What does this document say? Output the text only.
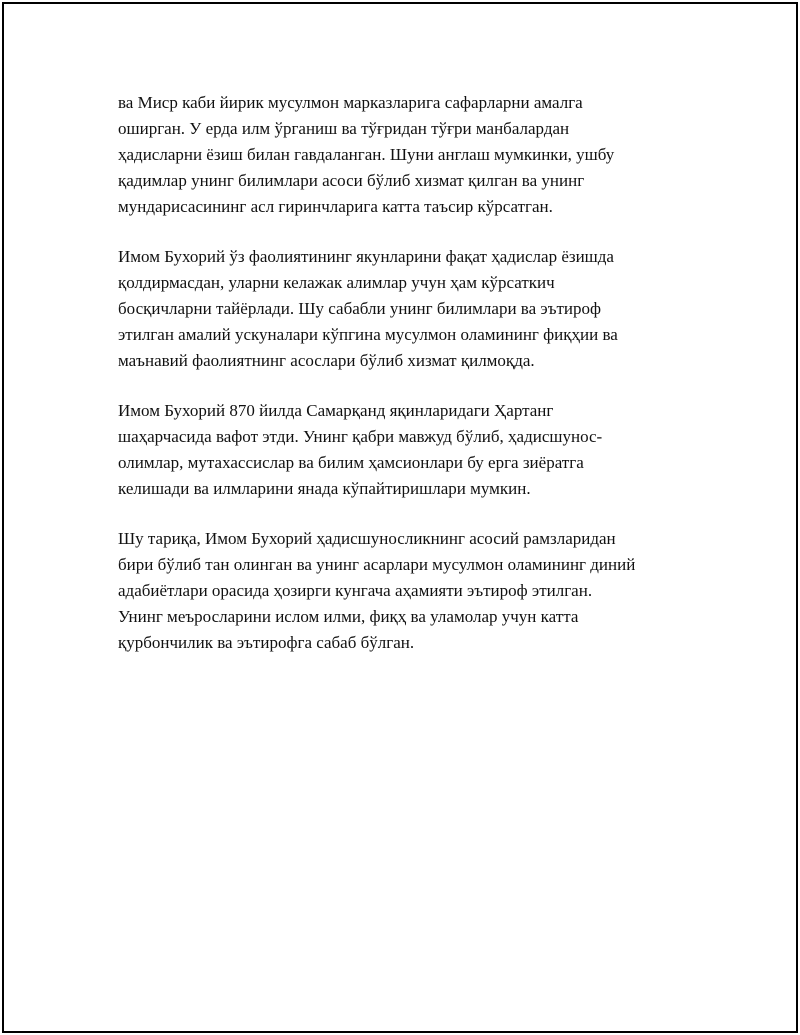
ва Миср каби йирик мусулмон марказларига сафарларни амалга
оширган. У ерда илм ўрганиш ва тўғридан тўғри манбалардан
ҳадисларни ёзиш билан гавдаланган. Шуни англаш мумкинки, ушбу
қадимлар унинг билимлари асоси бўлиб хизмат қилган ва унинг
мундарисасининг асл гиринчларига катта таъсир кўрсатган.

Имом Бухорий ўз фаолиятининг якунларини фақат ҳадислар ёзишда
қолдирмасдан, уларни келажак алимлар учун ҳам кўрсаткич
босқичларни тайёрлади. Шу сабабли унинг билимлари ва эътироф
этилган амалий ускуналари кўпгина мусулмон оламининг фиқҳии ва
маънавий фаолиятнинг асослари бўлиб хизмат қилмоқда.

Имом Бухорий 870 йилда Самарқанд яқинларидаги Ҳартанг
шаҳарчасида вафот этди. Унинг қабри мавжуд бўлиб, ҳадисшунос-
олимлар, мутахассислар ва билим ҳамсионлари бу ерга зиёратга
келишади ва илмларини янада кўпайтиришлари мумкин.

Шу тариқа, Имом Бухорий ҳадисшуносликнинг асосий рамзларидан
бири бўлиб тан олинган ва унинг асарлари мусулмон оламининг диний
адабиётлари орасида ҳозирги кунгача аҳамияти эътироф этилган.
Унинг меъросларини ислом илми, фиқҳ ва уламолар учун катта
қурбончилик ва эътирофга сабаб бўлган.
